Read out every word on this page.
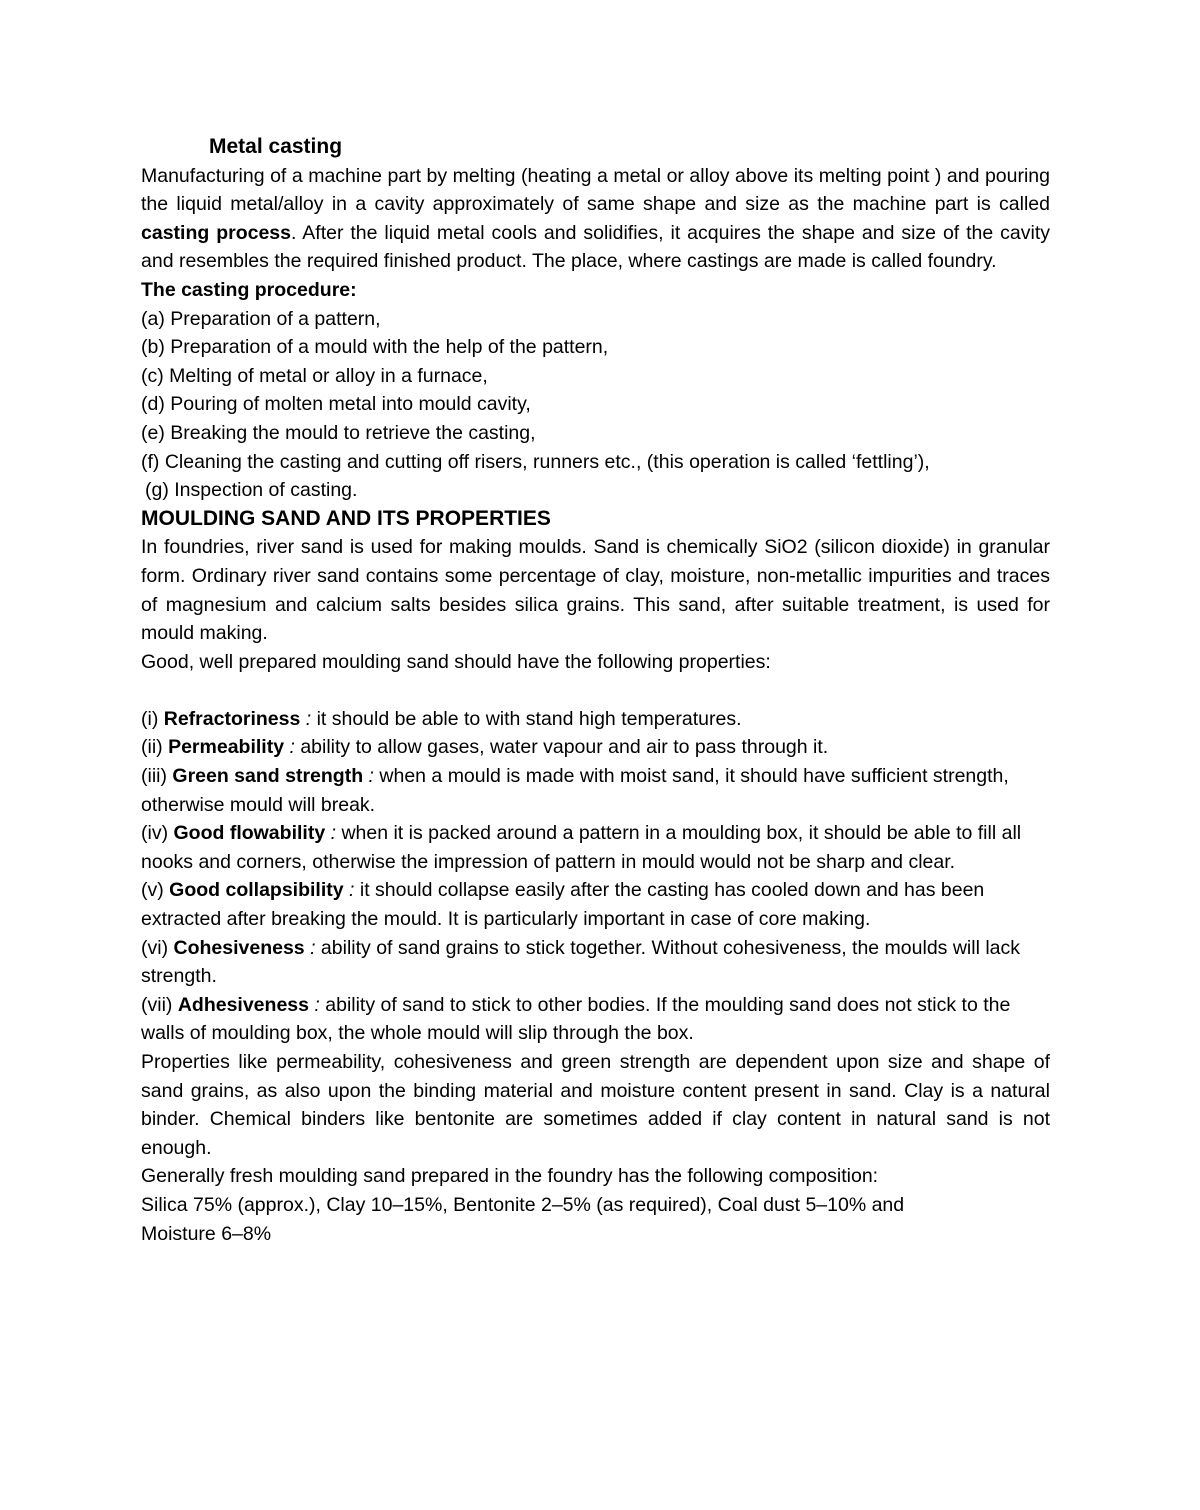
Metal casting
Manufacturing of a machine part by melting (heating a metal or alloy above its melting point ) and pouring the liquid metal/alloy in a cavity approximately of same shape and size as the machine part is called casting process. After the liquid metal cools and solidifies, it acquires the shape and size of the cavity and resembles the required finished product. The place, where castings are made is called foundry.
The casting procedure:
(a) Preparation of a pattern,
(b) Preparation of a mould with the help of the pattern,
(c) Melting of metal or alloy in a furnace,
(d) Pouring of molten metal into mould cavity,
(e) Breaking the mould to retrieve the casting,
(f) Cleaning the casting and cutting off risers, runners etc., (this operation is called ‘fettling’),
(g) Inspection of casting.
MOULDING SAND AND ITS PROPERTIES
In foundries, river sand is used for making moulds. Sand is chemically SiO2 (silicon dioxide) in granular form. Ordinary river sand contains some percentage of clay, moisture, non-metallic impurities and traces of magnesium and calcium salts besides silica grains. This sand, after suitable treatment, is used for mould making.
Good, well prepared moulding sand should have the following properties:
(i) Refractoriness : it should be able to with stand high temperatures.
(ii) Permeability : ability to allow gases, water vapour and air to pass through it.
(iii) Green sand strength : when a mould is made with moist sand, it should have sufficient strength, otherwise mould will break.
(iv) Good flowability : when it is packed around a pattern in a moulding box, it should be able to fill all nooks and corners, otherwise the impression of pattern in mould would not be sharp and clear.
(v) Good collapsibility : it should collapse easily after the casting has cooled down and has been extracted after breaking the mould. It is particularly important in case of core making.
(vi) Cohesiveness : ability of sand grains to stick together. Without cohesiveness, the moulds will lack strength.
(vii) Adhesiveness : ability of sand to stick to other bodies. If the moulding sand does not stick to the walls of moulding box, the whole mould will slip through the box.
Properties like permeability, cohesiveness and green strength are dependent upon size and shape of sand grains, as also upon the binding material and moisture content present in sand. Clay is a natural binder. Chemical binders like bentonite are sometimes added if clay content in natural sand is not enough.
Generally fresh moulding sand prepared in the foundry has the following composition:
Silica 75% (approx.), Clay 10–15%, Bentonite 2–5% (as required), Coal dust 5–10% and
Moisture 6–8%
